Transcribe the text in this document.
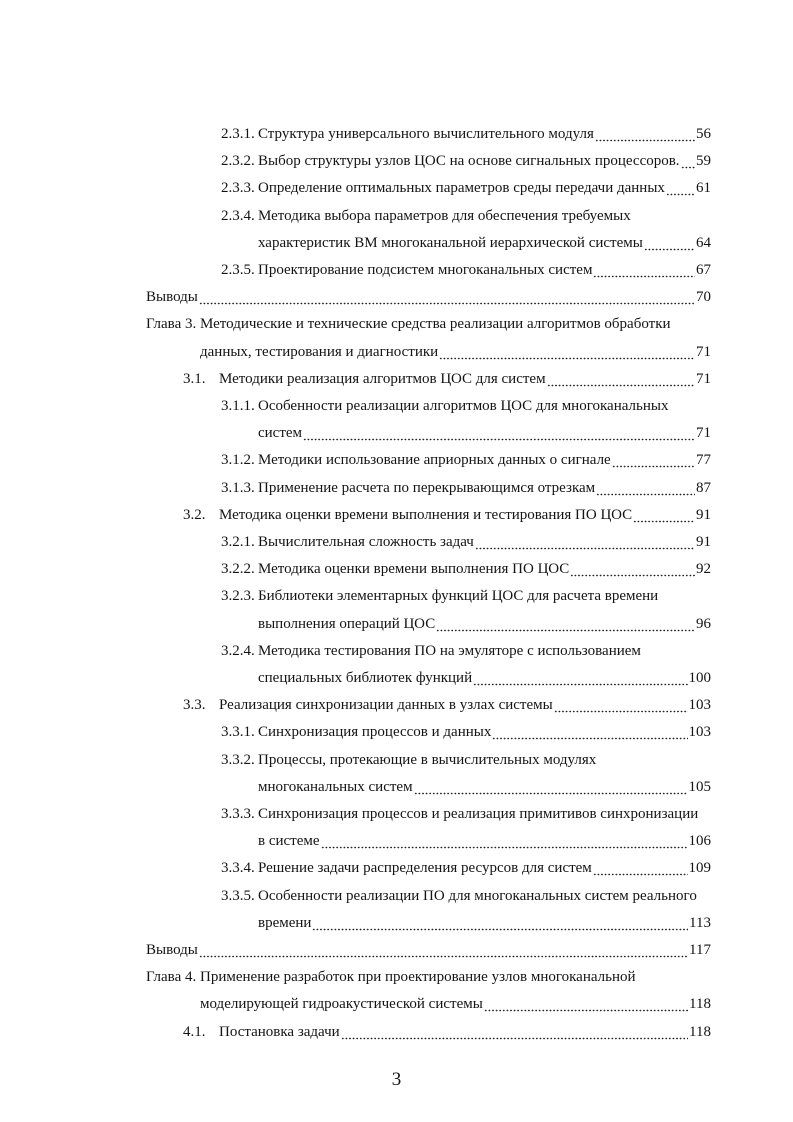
2.3.1. Структура универсального вычислительного модуля	56
2.3.2. Выбор структуры узлов ЦОС на основе сигнальных процессоров. 59
2.3.3. Определение оптимальных параметров среды передачи данных 61
2.3.4. Методика выбора параметров для обеспечения требуемых
характеристик ВМ многоканальной иерархической системы	64
2.3.5. Проектирование подсистем многоканальных систем	67
Выводы	70
Глава 3. Методические и технические средства реализации алгоритмов обработки
данных, тестирования и диагностики	71
3.1. Методики реализация алгоритмов ЦОС для систем	71
3.1.1. Особенности реализации алгоритмов ЦОС для многоканальных
систем	71
3.1.2. Методики использование априорных данных о сигнале	77
3.1.3. Применение расчета по перекрывающимся отрезкам	87
3.2. Методика оценки времени выполнения и тестирования ПО ЦОС	91
3.2.1. Вычислительная сложность задач	91
3.2.2. Методика оценки времени выполнения ПО ЦОС	92
3.2.3. Библиотеки элементарных функций ЦОС для расчета времени
выполнения операций ЦОС	96
3.2.4. Методика тестирования ПО на эмуляторе с использованием
специальных библиотек функций	100
3.3. Реализация синхронизации данных в узлах системы	103
3.3.1. Синхронизация процессов и данных	103
3.3.2. Процессы, протекающие в вычислительных модулях
многоканальных систем	105
3.3.3. Синхронизация процессов и реализация примитивов синхронизации
в системе	106
3.3.4. Решение задачи распределения ресурсов для систем	109
3.3.5. Особенности реализации ПО для многоканальных систем реального
времени	113
Выводы	117
Глава 4. Применение разработок при проектирование узлов многоканальной
моделирующей гидроакустической системы	118
4.1. Постановка задачи	118
3
